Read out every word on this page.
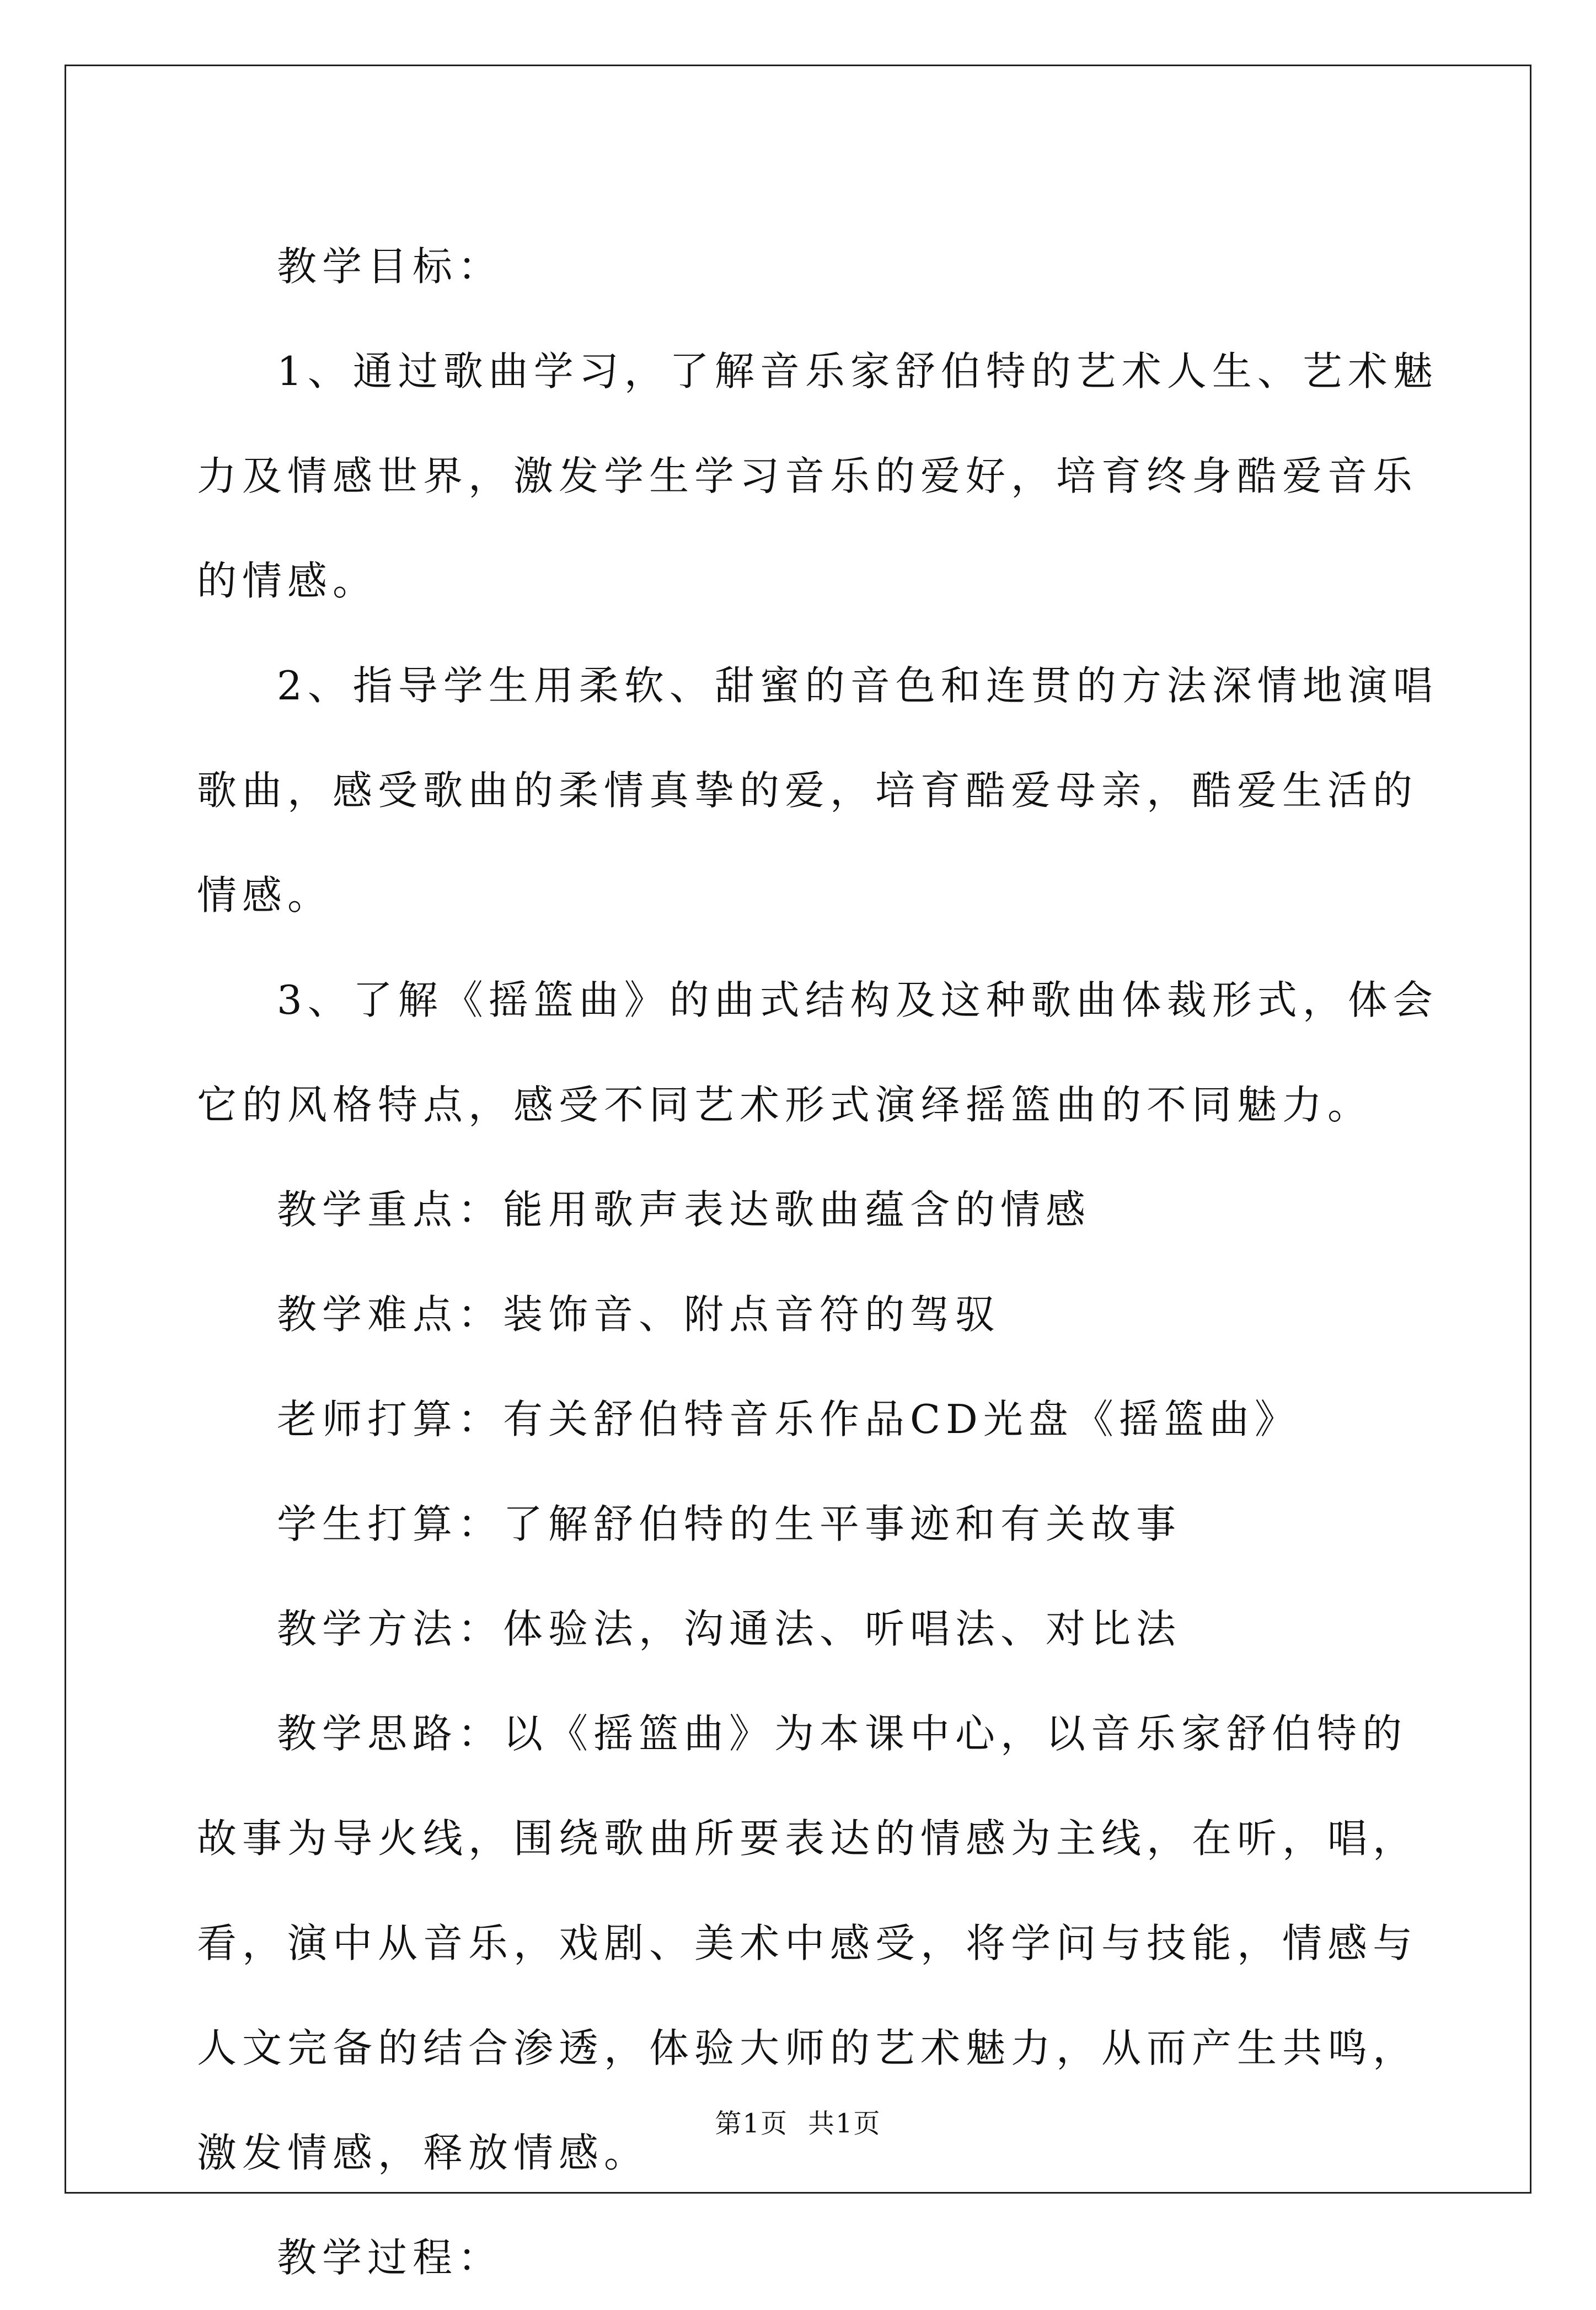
教学目标：

1、通过歌曲学习，了解音乐家舒伯特的艺术人生、艺术魅力及情感世界，激发学生学习音乐的爱好，培育终身酷爱音乐的情感。

2、指导学生用柔软、甜蜜的音色和连贯的方法深情地演唱歌曲，感受歌曲的柔情真挚的爱，培育酷爱母亲，酷爱生活的情感。

3、了解《摇篮曲》的曲式结构及这种歌曲体裁形式，体会它的风格特点，感受不同艺术形式演绎摇篮曲的不同魅力。

教学重点：能用歌声表达歌曲蕴含的情感

教学难点：装饰音、附点音符的驾驭

老师打算：有关舒伯特音乐作品CD光盘《摇篮曲》

学生打算：了解舒伯特的生平事迹和有关故事

教学方法：体验法，沟通法、听唱法、对比法

教学思路：以《摇篮曲》为本课中心，以音乐家舒伯特的故事为导火线，围绕歌曲所要表达的情感为主线，在听，唱，看，演中从音乐，戏剧、美术中感受，将学问与技能，情感与人文完备的结合渗透，体验大师的艺术魅力，从而产生共鸣，激发情感，释放情感。

教学过程：

第1页 共1页
